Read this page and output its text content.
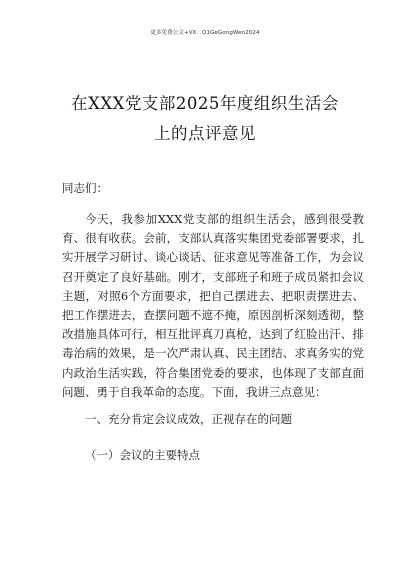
更多免费公文+VX：Q1GeGongWen2024
在XXX党支部2025年度组织生活会
上的点评意见
同志们：

今天，我参加XXX党支部的组织生活会，感到很受教育、很有收获。会前，支部认真落实集团党委部署要求，扎实开展学习研讨、谈心谈话、征求意见等准备工作，为会议召开奠定了良好基础。刚才，支部班子和班子成员紧扣会议主题，对照6个方面要求，把自己摆进去、把职责摆进去、把工作摆进去，查摆问题不遮不掩，原因剖析深刻透彻，整改措施具体可行，相互批评真刀真枪，达到了红脸出汗、排毒治病的效果，是一次严肃认真、民主团结、求真务实的党内政治生活实践，符合集团党委的要求，也体现了支部直面问题、勇于自我革命的态度。下面，我讲三点意见：

一、充分肯定会议成效，正视存在的问题
（一）会议的主要特点
